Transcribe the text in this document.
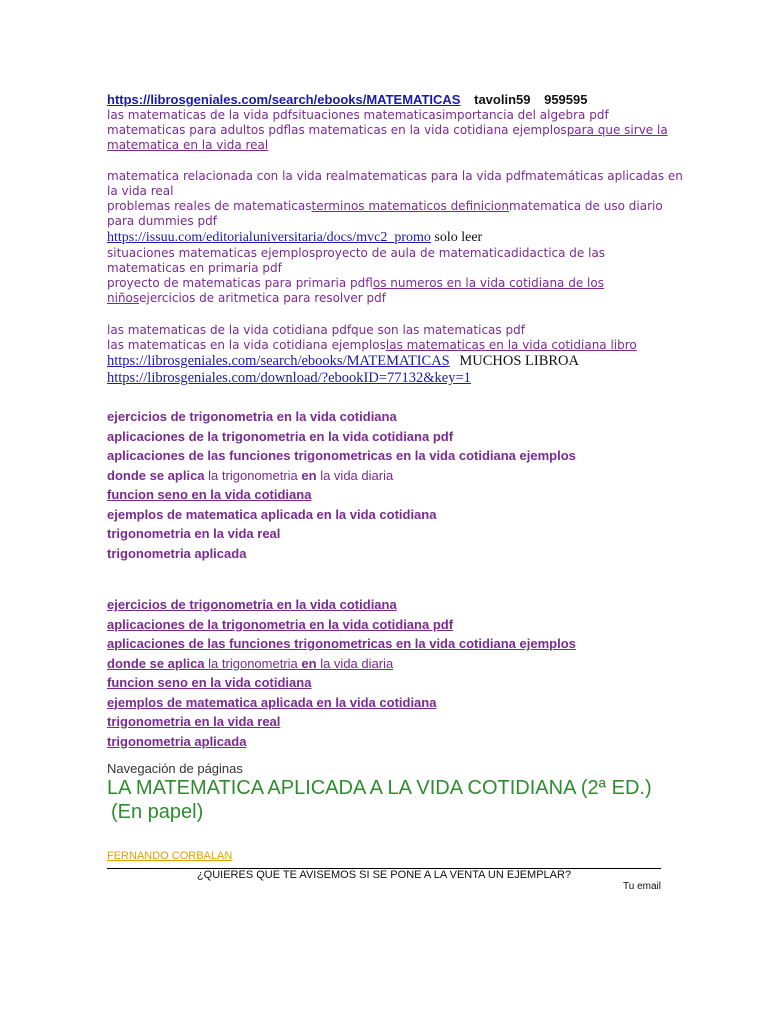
https://librosgeniales.com/search/ebooks/MATEMATICAS tavolin59 959595
las matematicas de la vida pdfsituaciones matematicasimportancia del algebra pdf
matematicas para adultos pdflas matematicas en la vida cotidiana ejemplospara que sirve la
matematica en la vida real
matematica relacionada con la vida realmatematicas para la vida pdfmatemáticas aplicadas en
la vida real
problemas reales de matematicasterminos matematicos definicionmatematica de uso diario
para dummies pdf
https://issuu.com/editorialuniversitaria/docs/mvc2_promo solo leer
situaciones matematicas ejemplosproyecto de aula de matematicadidactica de las
matematicas en primaria pdf
proyecto de matematicas para primaria pdflos numeros en la vida cotidiana de los
niñosejercicios de aritmetica para resolver pdf
las matematicas de la vida cotidiana pdfque son las matematicas pdf
las matematicas en la vida cotidiana ejemploslas matematicas en la vida cotidiana libro
https://librosgeniales.com/search/ebooks/MATEMATICAS MUCHOS LIBROA
https://librosgeniales.com/download/?ebookID=77132&key=1
ejercicios de trigonometria en la vida cotidiana
aplicaciones de la trigonometria en la vida cotidiana pdf
aplicaciones de las funciones trigonometricas en la vida cotidiana ejemplos
donde se aplica la trigonometria en la vida diaria
funcion seno en la vida cotidiana
ejemplos de matematica aplicada en la vida cotidiana
trigonometria en la vida real
trigonometria aplicada
ejercicios de trigonometria en la vida cotidiana
aplicaciones de la trigonometria en la vida cotidiana pdf
aplicaciones de las funciones trigonometricas en la vida cotidiana ejemplos
donde se aplica la trigonometria en la vida diaria
funcion seno en la vida cotidiana
ejemplos de matematica aplicada en la vida cotidiana
trigonometria en la vida real
trigonometria aplicada
Navegación de páginas
LA MATEMATICA APLICADA A LA VIDA COTIDIANA (2ª ED.)
(En papel)
FERNANDO CORBALAN
¿QUIERES QUE TE AVISEMOS SI SE PONE A LA VENTA UN EJEMPLAR?
Tu email
